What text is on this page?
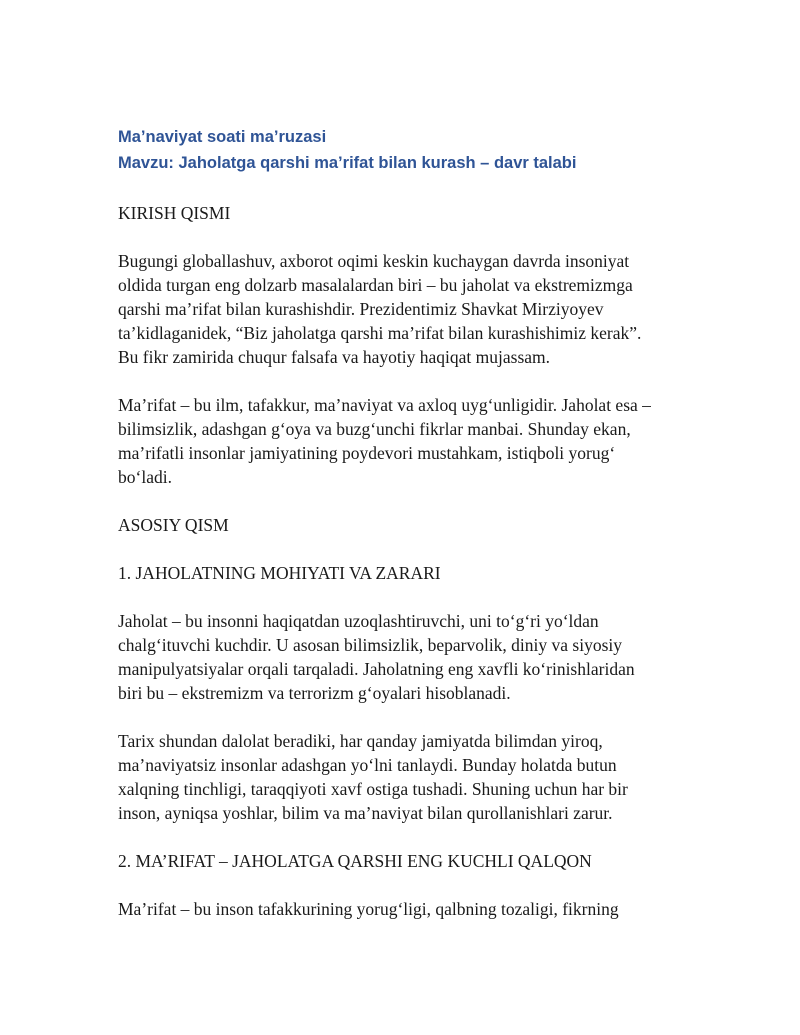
Ma’naviyat soati ma’ruzasi

Mavzu: Jaholatga qarshi ma’rifat bilan kurash – davr talabi

KIRISH QISMI

Bugungi globallashuv, axborot oqimi keskin kuchaygan davrda insoniyat
oldida turgan eng dolzarb masalalardan biri – bu jaholat va ekstremizmga
qarshi ma’rifat bilan kurashishdir. Prezidentimiz Shavkat Mirziyoyev
ta’kidlaganidek, “Biz jaholatga qarshi ma’rifat bilan kurashishimiz kerak”.
Bu fikr zamirida chuqur falsafa va hayotiy haqiqat mujassam.
Ma’rifat – bu ilm, tafakkur, ma’naviyat va axloq uyg‘unligidir. Jaholat esa –
bilimsizlik, adashgan g‘oya va buzg‘unchi fikrlar manbai. Shunday ekan,
ma’rifatli insonlar jamiyatining poydevori mustahkam, istiqboli yorug‘
bo‘ladi.

ASOSIY QISM

1. JAHOLATNING MOHIYATI VA ZARARI

Jaholat – bu insonni haqiqatdan uzoqlashtiruvchi, uni to‘g‘ri yo‘ldan
chalg‘ituvchi kuchdir. U asosan bilimsizlik, beparvolik, diniy va siyosiy
manipulyatsiyalar orqali tarqaladi. Jaholatning eng xavfli ko‘rinishlaridan
biri bu – ekstremizm va terrorizm g‘oyalari hisoblanadi.
Tarix shundan dalolat beradiki, har qanday jamiyatda bilimdan yiroq,
ma’naviyatsiz insonlar adashgan yo‘lni tanlaydi. Bunday holatda butun
xalqning tinchligi, taraqqiyoti xavf ostiga tushadi. Shuning uchun har bir
inson, ayniqsa yoshlar, bilim va ma’naviyat bilan qurollanishlari zarur.

2. MA’RIFAT – JAHOLATGA QARSHI ENG KUCHLI QALQON

Ma’rifat – bu inson tafakkurining yorug‘ligi, qalbning tozaligi, fikrning
